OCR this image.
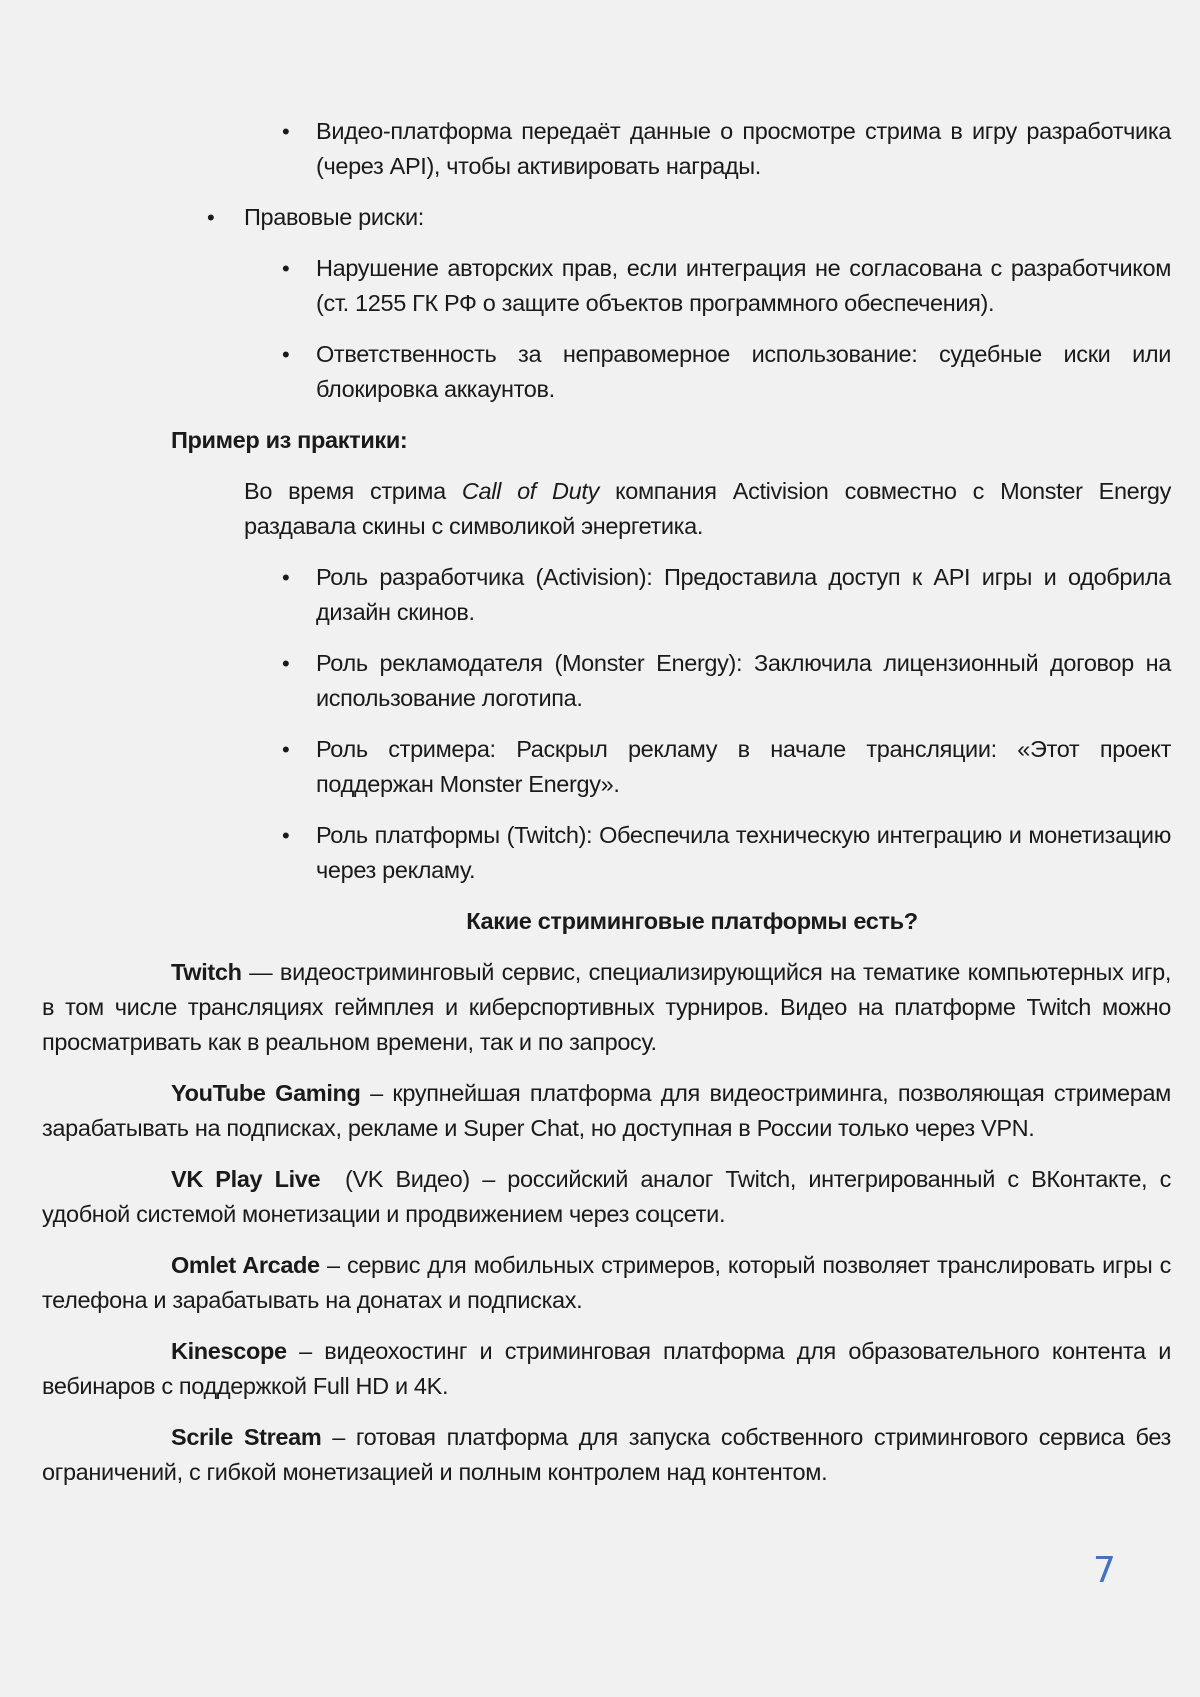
• Видео-платформа передаёт данные о просмотре стрима в игру разработчика (через API), чтобы активировать награды.
• Правовые риски:
• Нарушение авторских прав, если интеграция не согласована с разработчиком (ст. 1255 ГК РФ о защите объектов программного обеспечения).
• Ответственность за неправомерное использование: судебные иски или блокировка аккаунтов.
Пример из практики:
Во время стрима Call of Duty компания Activision совместно с Monster Energy раздавала скины с символикой энергетика.
• Роль разработчика (Activision): Предоставила доступ к API игры и одобрила дизайн скинов.
• Роль рекламодателя (Monster Energy): Заключила лицензионный договор на использование логотипа.
• Роль стримера: Раскрыл рекламу в начале трансляции: «Этот проект поддержан Monster Energy».
• Роль платформы (Twitch): Обеспечила техническую интеграцию и монетизацию через рекламу.
Какие стриминговые платформы есть?
Twitch — видеостриминговый сервис, специализирующийся на тематике компьютерных игр, в том числе трансляциях геймплея и киберспортивных турниров. Видео на платформе Twitch можно просматривать как в реальном времени, так и по запросу.
YouTube Gaming – крупнейшая платформа для видеостриминга, позволяющая стримерам зарабатывать на подписках, рекламе и Super Chat, но доступная в России только через VPN.
VK Play Live  (VK Видео) – российский аналог Twitch, интегрированный с ВКонтакте, с удобной системой монетизации и продвижением через соцсети.
Omlet Arcade – сервис для мобильных стримеров, который позволяет транслировать игры с телефона и зарабатывать на донатах и подписках.
Kinescope – видеохостинг и стриминговая платформа для образовательного контента и вебинаров с поддержкой Full HD и 4K.
Scrile Stream – готовая платформа для запуска собственного стримингового сервиса без ограничений, с гибкой монетизацией и полным контролем над контентом.
7
